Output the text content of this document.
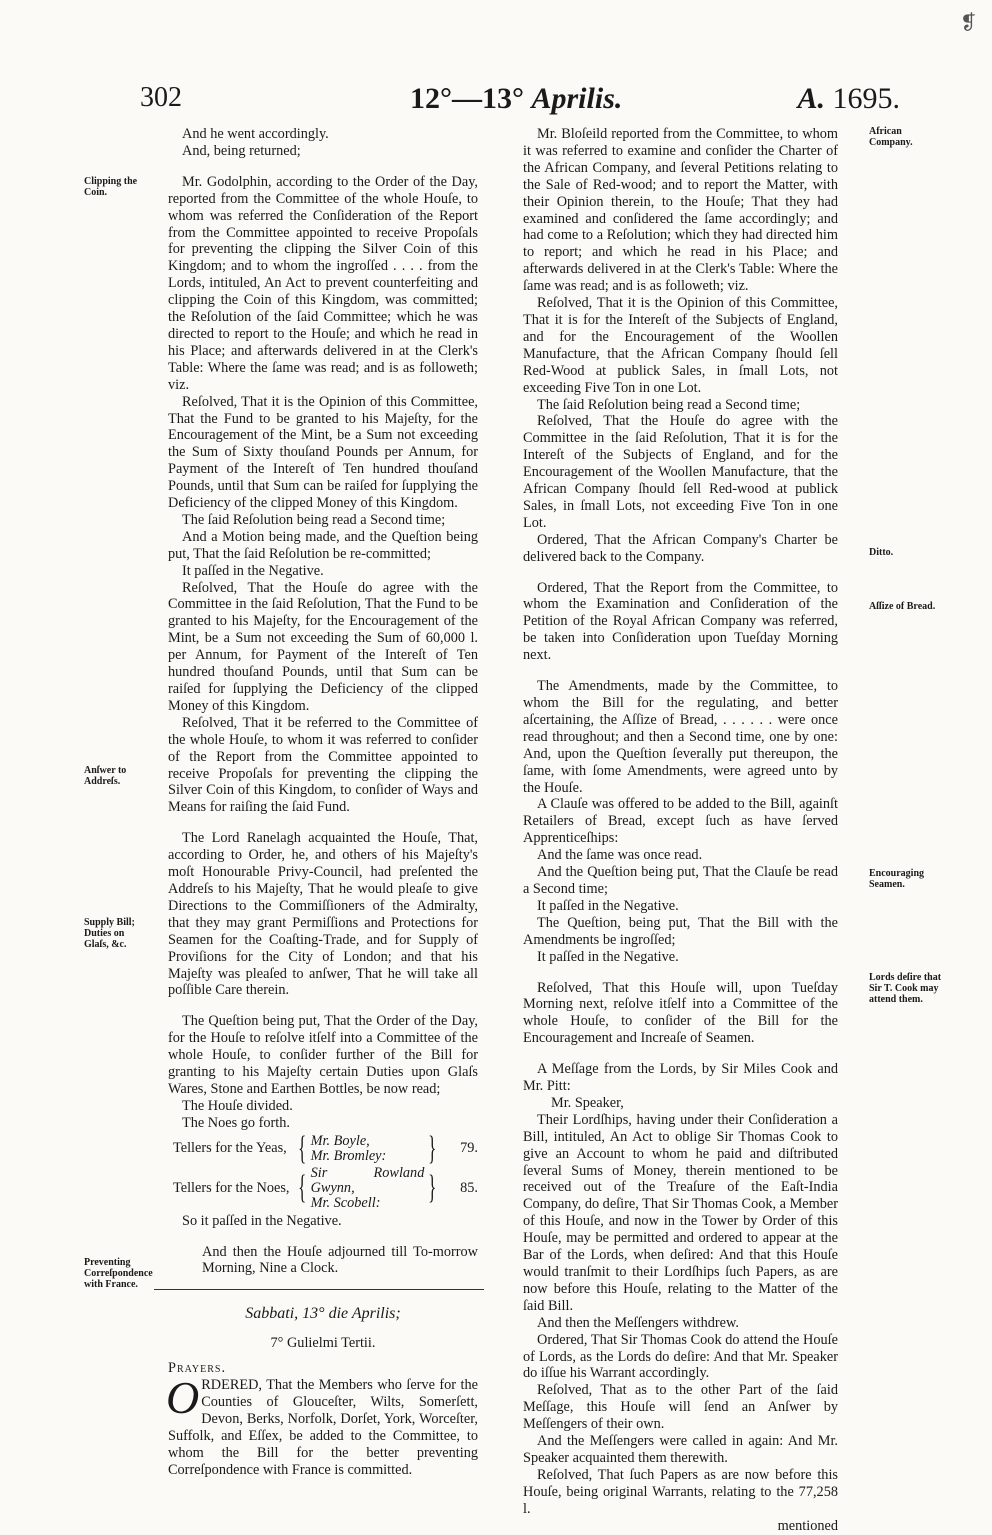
❡
302	12°—13° Aprilis.	A. 1695.
Clipping the Coin.
Anſwer to Addreſs.
Supply Bill; Duties on Glaſs, &c.
Preventing Correſpondence with France.
African Company.
Ditto.
Aſſize of Bread.
Encouraging Seamen.
Lords deſire that Sir T. Cook may attend them.

And he went accordingly.

And, being returned;

Mr. Godolphin, according to the Order of the Day, reported from the Committee of the whole Houſe, to whom was referred the Conſideration of the Report from the Committee appointed to receive Propoſals for preventing the clipping the Silver Coin of this Kingdom; and to whom the ingroſſed . . . . from the Lords, intituled, An Act to prevent counterfeiting and clipping the Coin of this Kingdom, was committed; the Reſolution of the ſaid Committee; which he was directed to report to the Houſe; and which he read in his Place; and afterwards delivered in at the Clerk's Table: Where the ſame was read; and is as followeth; viz.

Reſolved, That it is the Opinion of this Committee, That the Fund to be granted to his Majeſty, for the Encouragement of the Mint, be a Sum not exceeding the Sum of Sixty thouſand Pounds per Annum, for Payment of the Intereſt of Ten hundred thouſand Pounds, until that Sum can be raiſed for ſupplying the Deficiency of the clipped Money of this Kingdom.

The ſaid Reſolution being read a Second time;

And a Motion being made, and the Queſtion being put, That the ſaid Reſolution be re-committed;

It paſſed in the Negative.

Reſolved, That the Houſe do agree with the Committee in the ſaid Reſolution, That the Fund to be granted to his Majeſty, for the Encouragement of the Mint, be a Sum not exceeding the Sum of 60,000 l. per Annum, for Payment of the Intereſt of Ten hundred thouſand Pounds, until that Sum can be raiſed for ſupplying the Deficiency of the clipped Money of this Kingdom.

Reſolved, That it be referred to the Committee of the whole Houſe, to whom it was referred to conſider of the Report from the Committee appointed to receive Propoſals for preventing the clipping the Silver Coin of this Kingdom, to conſider of Ways and Means for raiſing the ſaid Fund.

The Lord Ranelagh acquainted the Houſe, That, according to Order, he, and others of his Majeſty's moſt Honourable Privy-Council, had preſented the Addreſs to his Majeſty, That he would pleaſe to give Directions to the Commiſſioners of the Admiralty, that they may grant Permiſſions and Protections for Seamen for the Coaſting-Trade, and for Supply of Proviſions for the City of London; and that his Majeſty was pleaſed to anſwer, That he will take all poſſible Care therein.

The Queſtion being put, That the Order of the Day, for the Houſe to reſolve itſelf into a Committee of the whole Houſe, to conſider further of the Bill for granting to his Majeſty certain Duties upon Glaſs Wares, Stone and Earthen Bottles, be now read;

The Houſe divided.

The Noes go forth.

Tellers for the Yeas, { Mr. Boyle,
Mr. Bromley:	}	79.
Tellers for the Noes, { Sir Rowland Gwynn,
Mr. Scobell:	}	85.

So it paſſed in the Negative.

And then the Houſe adjourned till To-morrow Morning, Nine a Clock.

Sabbati, 13° die Aprilis;

7° Gulielmi Tertii.

Prayers.

ORDERED, That the Members who ſerve for the Counties of Glouceſter, Wilts, Somerſett, Devon, Berks, Norfolk, Dorſet, York, Worceſter, Suffolk, and Eſſex, be added to the Committee, to whom the Bill for the better preventing Correſpondence with France is committed.

Mr. Bloſeild reported from the Committee, to whom it was referred to examine and conſider the Charter of the African Company, and ſeveral Petitions relating to the Sale of Red-wood; and to report the Matter, with their Opinion therein, to the Houſe; That they had examined and conſidered the ſame accordingly; and had come to a Reſolution; which they had directed him to report; and which he read in his Place; and afterwards delivered in at the Clerk's Table: Where the ſame was read; and is as followeth; viz.

Reſolved, That it is the Opinion of this Committee, That it is for the Intereſt of the Subjects of England, and for the Encouragement of the Woollen Manufacture, that the African Company ſhould ſell Red-Wood at publick Sales, in ſmall Lots, not exceeding Five Ton in one Lot.

The ſaid Reſolution being read a Second time;

Reſolved, That the Houſe do agree with the Committee in the ſaid Reſolution, That it is for the Intereſt of the Subjects of England, and for the Encouragement of the Woollen Manufacture, that the African Company ſhould ſell Red-wood at publick Sales, in ſmall Lots, not exceeding Five Ton in one Lot.

Ordered, That the African Company's Charter be delivered back to the Company.

Ordered, That the Report from the Committee, to whom the Examination and Conſideration of the Petition of the Royal African Company was referred, be taken into Conſideration upon Tueſday Morning next.

The Amendments, made by the Committee, to whom the Bill for the regulating, and better aſcertaining, the Aſſize of Bread, . . . . . . were once read throughout; and then a Second time, one by one: And, upon the Queſtion ſeverally put thereupon, the ſame, with ſome Amendments, were agreed unto by the Houſe.

A Clauſe was offered to be added to the Bill, againſt Retailers of Bread, except ſuch as have ſerved Apprenticeſhips:

And the ſame was once read.

And the Queſtion being put, That the Clauſe be read a Second time;

It paſſed in the Negative.

The Queſtion, being put, That the Bill with the Amendments be ingroſſed;

It paſſed in the Negative.

Reſolved, That this Houſe will, upon Tueſday Morning next, reſolve itſelf into a Committee of the whole Houſe, to conſider of the Bill for the Encouragement and Increaſe of Seamen.

A Meſſage from the Lords, by Sir Miles Cook and Mr. Pitt:

Mr. Speaker,

Their Lordſhips, having under their Conſideration a Bill, intituled, An Act to oblige Sir Thomas Cook to give an Account to whom he paid and diſtributed ſeveral Sums of Money, therein mentioned to be received out of the Treaſure of the Eaſt-India Company, do deſire, That Sir Thomas Cook, a Member of this Houſe, and now in the Tower by Order of this Houſe, may be permitted and ordered to appear at the Bar of the Lords, when deſired: And that this Houſe would tranſmit to their Lordſhips ſuch Papers, as are now before this Houſe, relating to the Matter of the ſaid Bill.

And then the Meſſengers withdrew.

Ordered, That Sir Thomas Cook do attend the Houſe of Lords, as the Lords do deſire: And that Mr. Speaker do iſſue his Warrant accordingly.

Reſolved, That as to the other Part of the ſaid Meſſage, this Houſe will ſend an Anſwer by Meſſengers of their own.

And the Meſſengers were called in again: And Mr. Speaker acquainted them therewith.

Reſolved, That ſuch Papers as are now before this Houſe, being original Warrants, relating to the 77,258 l.

mentioned
